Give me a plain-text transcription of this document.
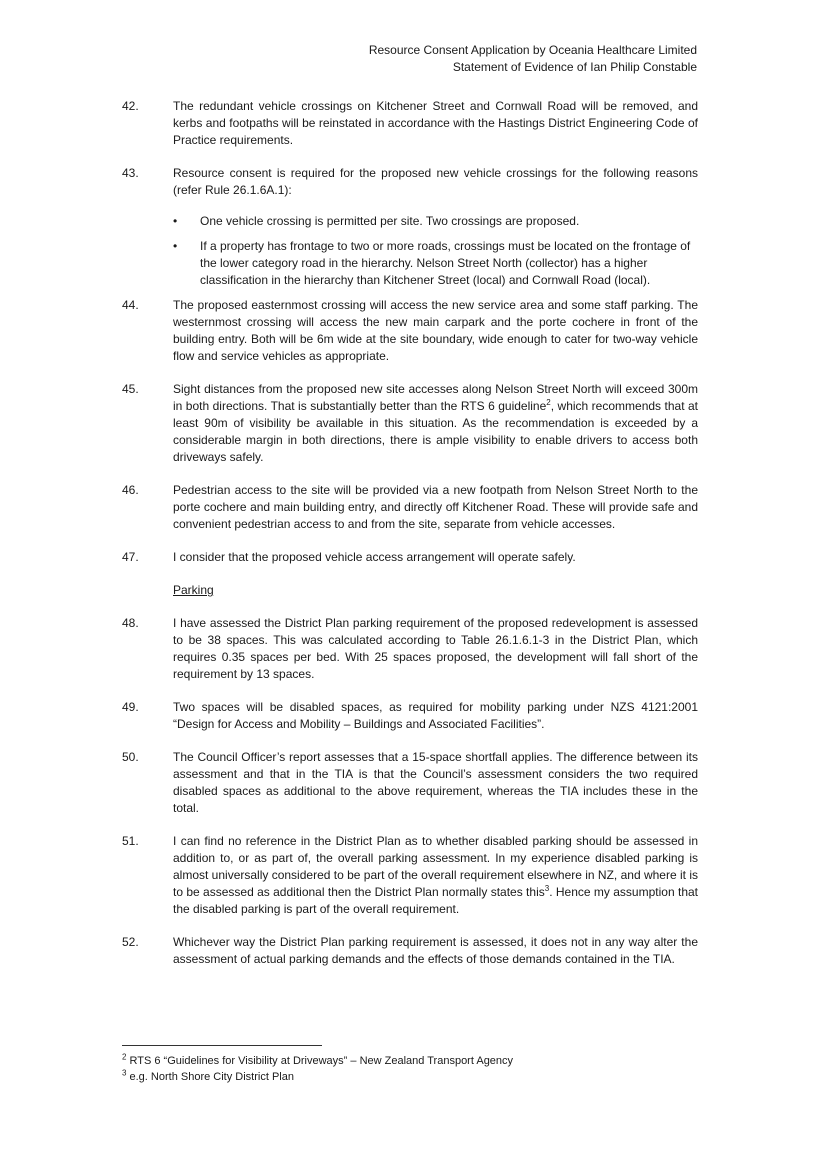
Resource Consent Application by Oceania Healthcare Limited
Statement of Evidence of Ian Philip Constable
42.	The redundant vehicle crossings on Kitchener Street and Cornwall Road will be removed, and kerbs and footpaths will be reinstated in accordance with the Hastings District Engineering Code of Practice requirements.
43.	Resource consent is required for the proposed new vehicle crossings for the following reasons (refer Rule 26.1.6A.1):
• One vehicle crossing is permitted per site. Two crossings are proposed.
• If a property has frontage to two or more roads, crossings must be located on the frontage of the lower category road in the hierarchy. Nelson Street North (collector) has a higher classification in the hierarchy than Kitchener Street (local) and Cornwall Road (local).
44.	The proposed easternmost crossing will access the new service area and some staff parking. The westernmost crossing will access the new main carpark and the porte cochere in front of the building entry. Both will be 6m wide at the site boundary, wide enough to cater for two-way vehicle flow and service vehicles as appropriate.
45.	Sight distances from the proposed new site accesses along Nelson Street North will exceed 300m in both directions. That is substantially better than the RTS 6 guideline$^2$, which recommends that at least 90m of visibility be available in this situation. As the recommendation is exceeded by a considerable margin in both directions, there is ample visibility to enable drivers to access both driveways safely.
46.	Pedestrian access to the site will be provided via a new footpath from Nelson Street North to the porte cochere and main building entry, and directly off Kitchener Road. These will provide safe and convenient pedestrian access to and from the site, separate from vehicle accesses.
47.	I consider that the proposed vehicle access arrangement will operate safely.
Parking
48.	I have assessed the District Plan parking requirement of the proposed redevelopment is assessed to be 38 spaces. This was calculated according to Table 26.1.6.1-3 in the District Plan, which requires 0.35 spaces per bed. With 25 spaces proposed, the development will fall short of the requirement by 13 spaces.
49.	Two spaces will be disabled spaces, as required for mobility parking under NZS 4121:2001 “Design for Access and Mobility – Buildings and Associated Facilities”.
50.	The Council Officer’s report assesses that a 15-space shortfall applies. The difference between its assessment and that in the TIA is that the Council’s assessment considers the two required disabled spaces as additional to the above requirement, whereas the TIA includes these in the total.
51.	I can find no reference in the District Plan as to whether disabled parking should be assessed in addition to, or as part of, the overall parking assessment. In my experience disabled parking is almost universally considered to be part of the overall requirement elsewhere in NZ, and where it is to be assessed as additional then the District Plan normally states this$^3$. Hence my assumption that the disabled parking is part of the overall requirement.
52.	Whichever way the District Plan parking requirement is assessed, it does not in any way alter the assessment of actual parking demands and the effects of those demands contained in the TIA.
$^2$ RTS 6 “Guidelines for Visibility at Driveways” – New Zealand Transport Agency
$^3$ e.g. North Shore City District Plan
